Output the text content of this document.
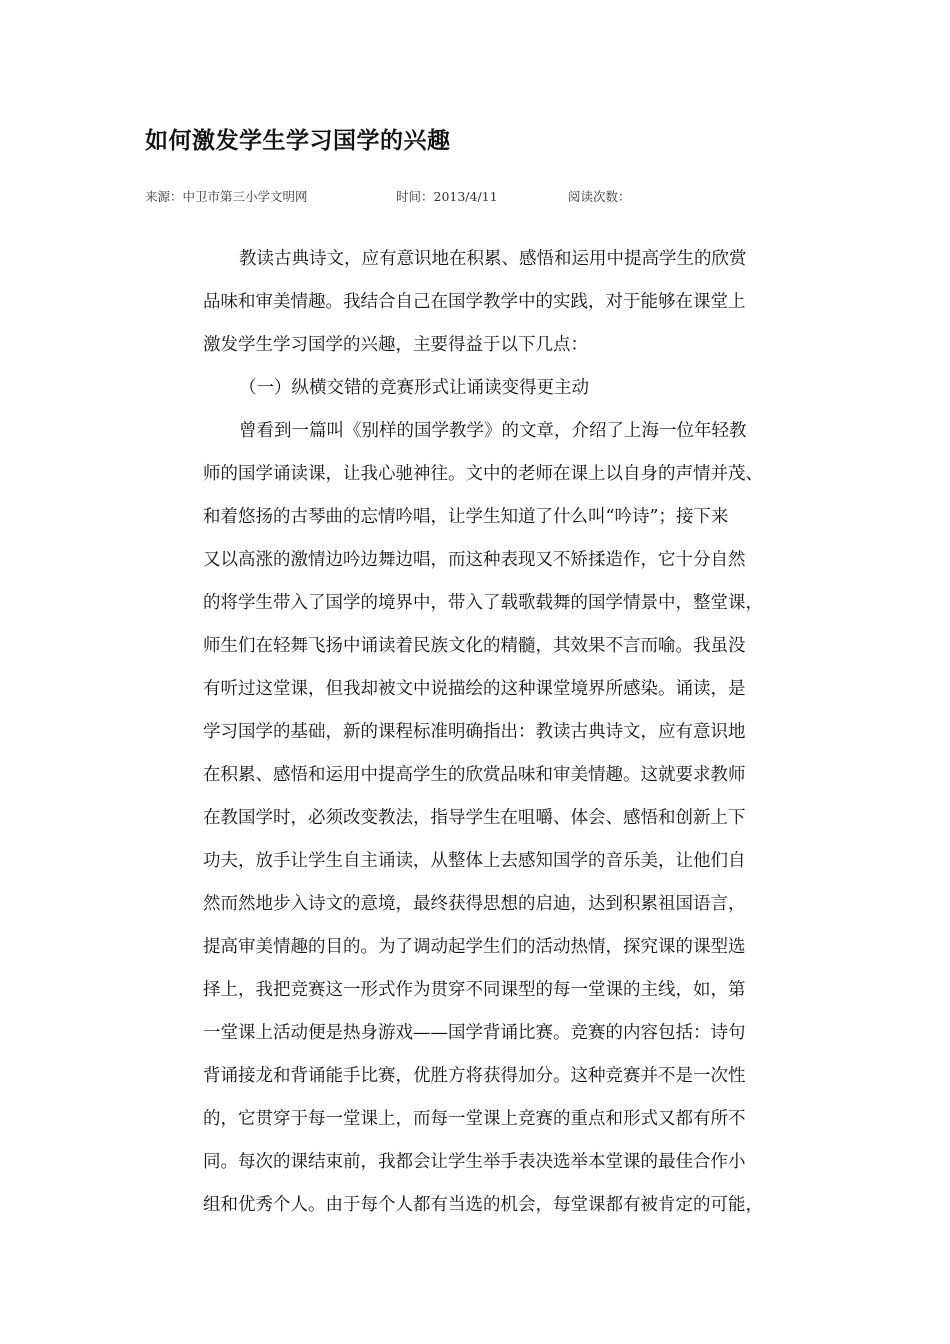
如何激发学生学习国学的兴趣
来源：中卫市第三小学文明网	时间：2013/4/11	阅读次数：
教读古典诗文，应有意识地在积累、感悟和运用中提高学生的欣赏
品味和审美情趣。我结合自己在国学教学中的实践，对于能够在课堂上
激发学生学习国学的兴趣，主要得益于以下几点：
（一）纵横交错的竞赛形式让诵读变得更主动
曾看到一篇叫《别样的国学教学》的文章，介绍了上海一位年轻教
师的国学诵读课，让我心驰神往。文中的老师在课上以自身的声情并茂、
和着悠扬的古琴曲的忘情吟唱，让学生知道了什么叫“吟诗”；接下来
又以高涨的激情边吟边舞边唱，而这种表现又不矫揉造作，它十分自然
的将学生带入了国学的境界中，带入了载歌载舞的国学情景中，整堂课，
师生们在轻舞飞扬中诵读着民族文化的精髓，其效果不言而喻。我虽没
有听过这堂课，但我却被文中说描绘的这种课堂境界所感染。诵读，是
学习国学的基础，新的课程标准明确指出：教读古典诗文，应有意识地
在积累、感悟和运用中提高学生的欣赏品味和审美情趣。这就要求教师
在教国学时，必须改变教法，指导学生在咀嚼、体会、感悟和创新上下
功夫，放手让学生自主诵读，从整体上去感知国学的音乐美，让他们自
然而然地步入诗文的意境，最终获得思想的启迪，达到积累祖国语言，
提高审美情趣的目的。为了调动起学生们的活动热情，探究课的课型选
择上，我把竞赛这一形式作为贯穿不同课型的每一堂课的主线，如，第
一堂课上活动便是热身游戏——国学背诵比赛。竞赛的内容包括：诗句
背诵接龙和背诵能手比赛，优胜方将获得加分。这种竞赛并不是一次性
的，它贯穿于每一堂课上，而每一堂课上竞赛的重点和形式又都有所不
同。每次的课结束前，我都会让学生举手表决选举本堂课的最佳合作小
组和优秀个人。由于每个人都有当选的机会，每堂课都有被肯定的可能，
